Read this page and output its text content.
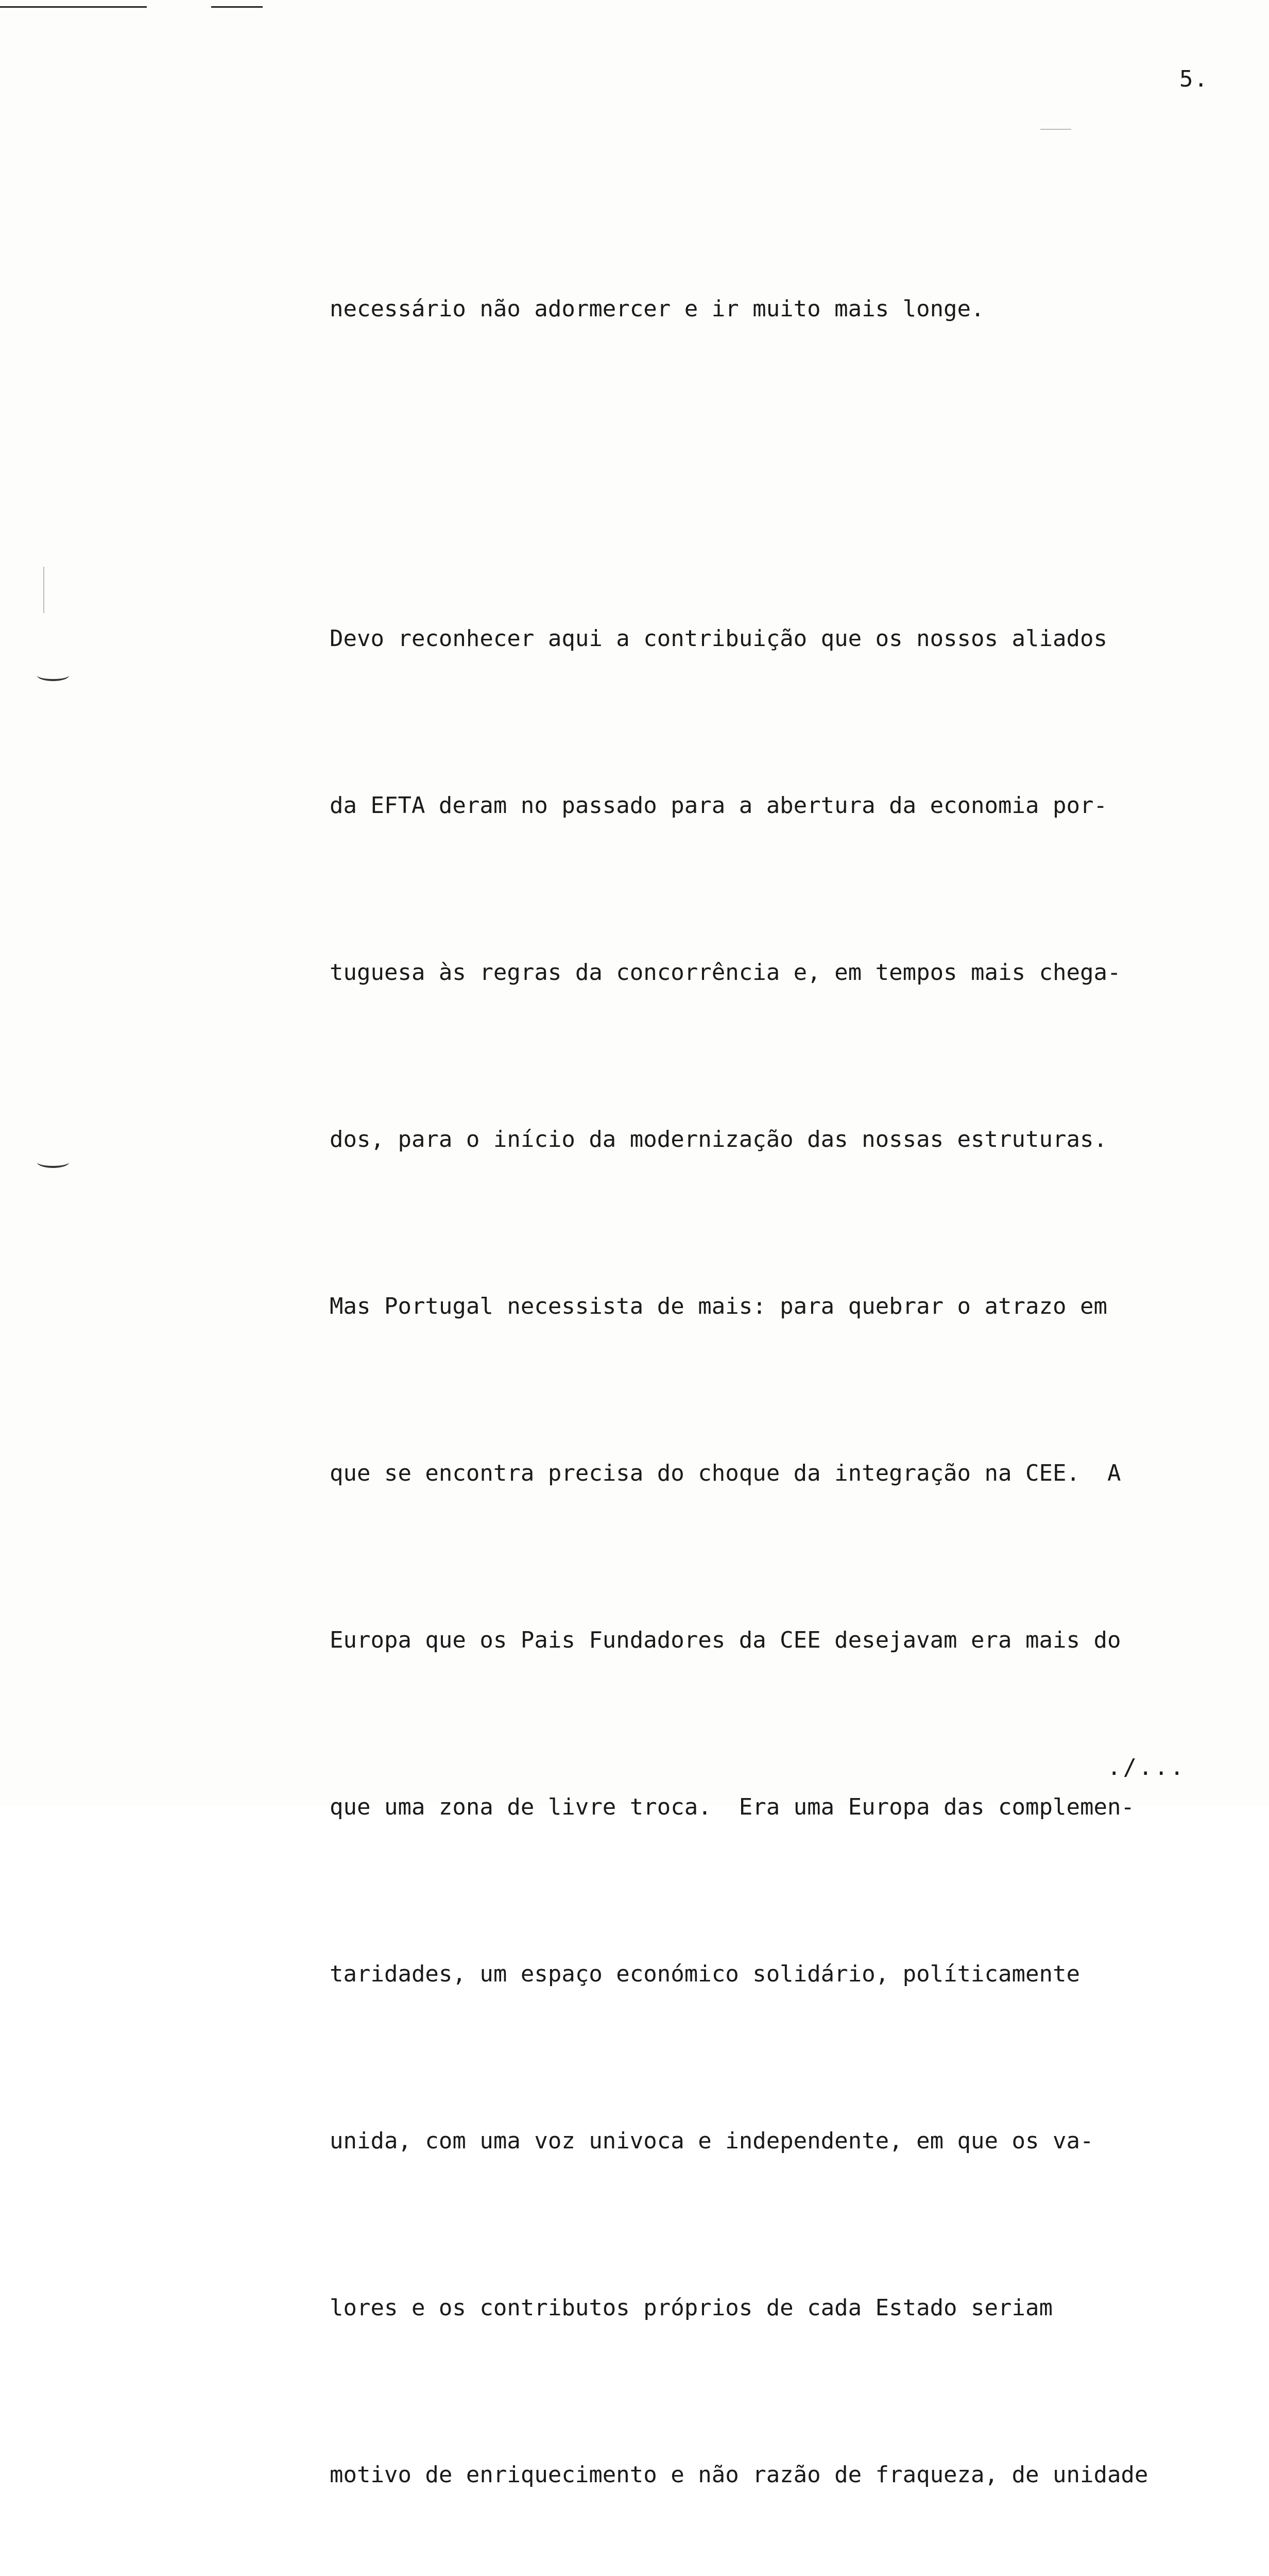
5.

necessário não adormercer e ir muito mais longe.

Devo reconhecer aqui a contribuição que os nossos aliados

da EFTA deram no passado para a abertura da economia por-

tuguesa às regras da concorrência e, em tempos mais chega-

dos, para o início da modernização das nossas estruturas.

Mas Portugal necessista de mais: para quebrar o atrazo em

que se encontra precisa do choque da integração na CEE.  A

Europa que os Pais Fundadores da CEE desejavam era mais do

que uma zona de livre troca.  Era uma Europa das complemen-

taridades, um espaço económico solidário, políticamente

unida, com uma voz univoca e independente, em que os va-

lores e os contributos próprios de cada Estado seriam

motivo de enriquecimento e não razão de fraqueza, de unidade

./...
